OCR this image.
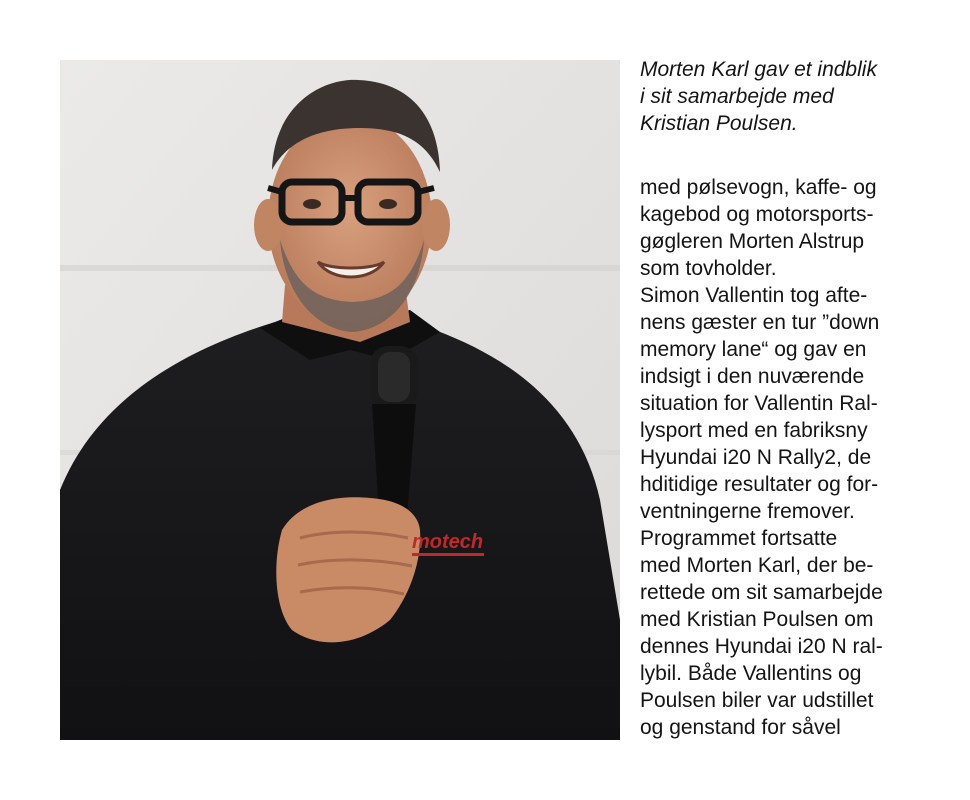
motech

Morten Karl gav et indblik
i sit samarbejde med
Kristian Poulsen.

med pølsevogn, kaffe- og
kagebod og motorsports-
gøgleren Morten Alstrup
som tovholder.
Simon Vallentin tog afte-
nens gæster en tur ”down
memory lane“ og gav en
indsigt i den nuværende
situation for Vallentin Ral-
lysport med en fabriksny
Hyundai i20 N Rally2, de
hditidige resultater og for-
ventningerne fremover.
Programmet fortsatte
med Morten Karl, der be-
rettede om sit samarbejde
med Kristian Poulsen om
dennes Hyundai i20 N ral-
lybil. Både Vallentins og
Poulsen biler var udstillet
og genstand for såvel
